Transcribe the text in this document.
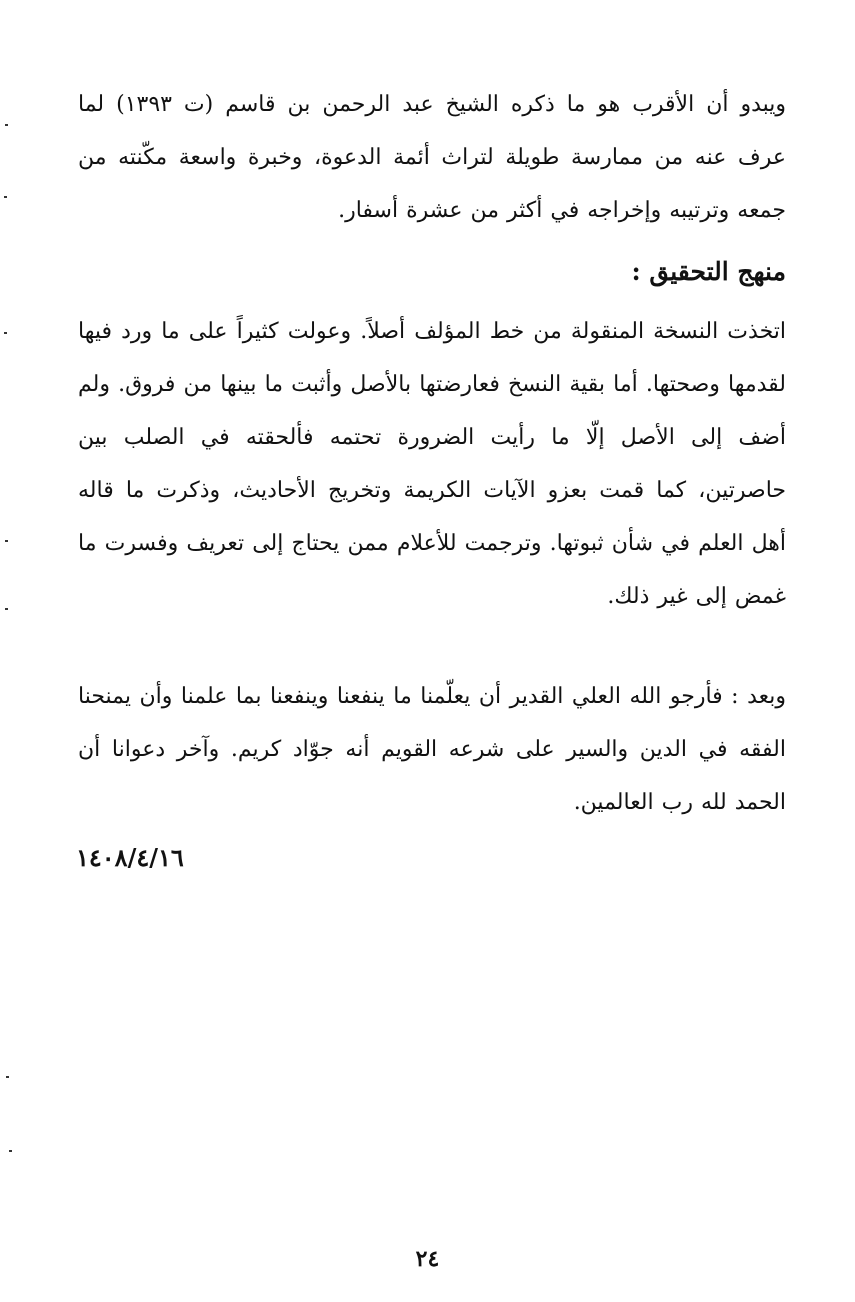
ويبدو أن الأقرب هو ما ذكره الشيخ عبد الرحمن بن قاسم (ت ١٣٩٣) لما عرف عنه من ممارسة طويلة لتراث أئمة الدعوة، وخبرة واسعة مكّنته من جمعه وترتيبه وإخراجه في أكثر من عشرة أسفار.
منهج التحقيق :
اتخذت النسخة المنقولة من خط المؤلف أصلاً. وعولت كثيراً على ما ورد فيها لقدمها وصحتها. أما بقية النسخ فعارضتها بالأصل وأثبت ما بينها من فروق. ولم أضف إلى الأصل إلّا ما رأيت الضرورة تحتمه فألحقته في الصلب بين حاصرتين، كما قمت بعزو الآيات الكريمة وتخريج الأحاديث، وذكرت ما قاله أهل العلم في شأن ثبوتها. وترجمت للأعلام ممن يحتاج إلى تعريف وفسرت ما غمض إلى غير ذلك.
وبعد : فأرجو الله العلي القدير أن يعلّمنا ما ينفعنا وينفعنا بما علمنا وأن يمنحنا الفقه في الدين والسير على شرعه القويم أنه جوّاد كريم. وآخر دعوانا أن الحمد لله رب العالمين.
١٤٠٨/٤/١٦
٢٤
